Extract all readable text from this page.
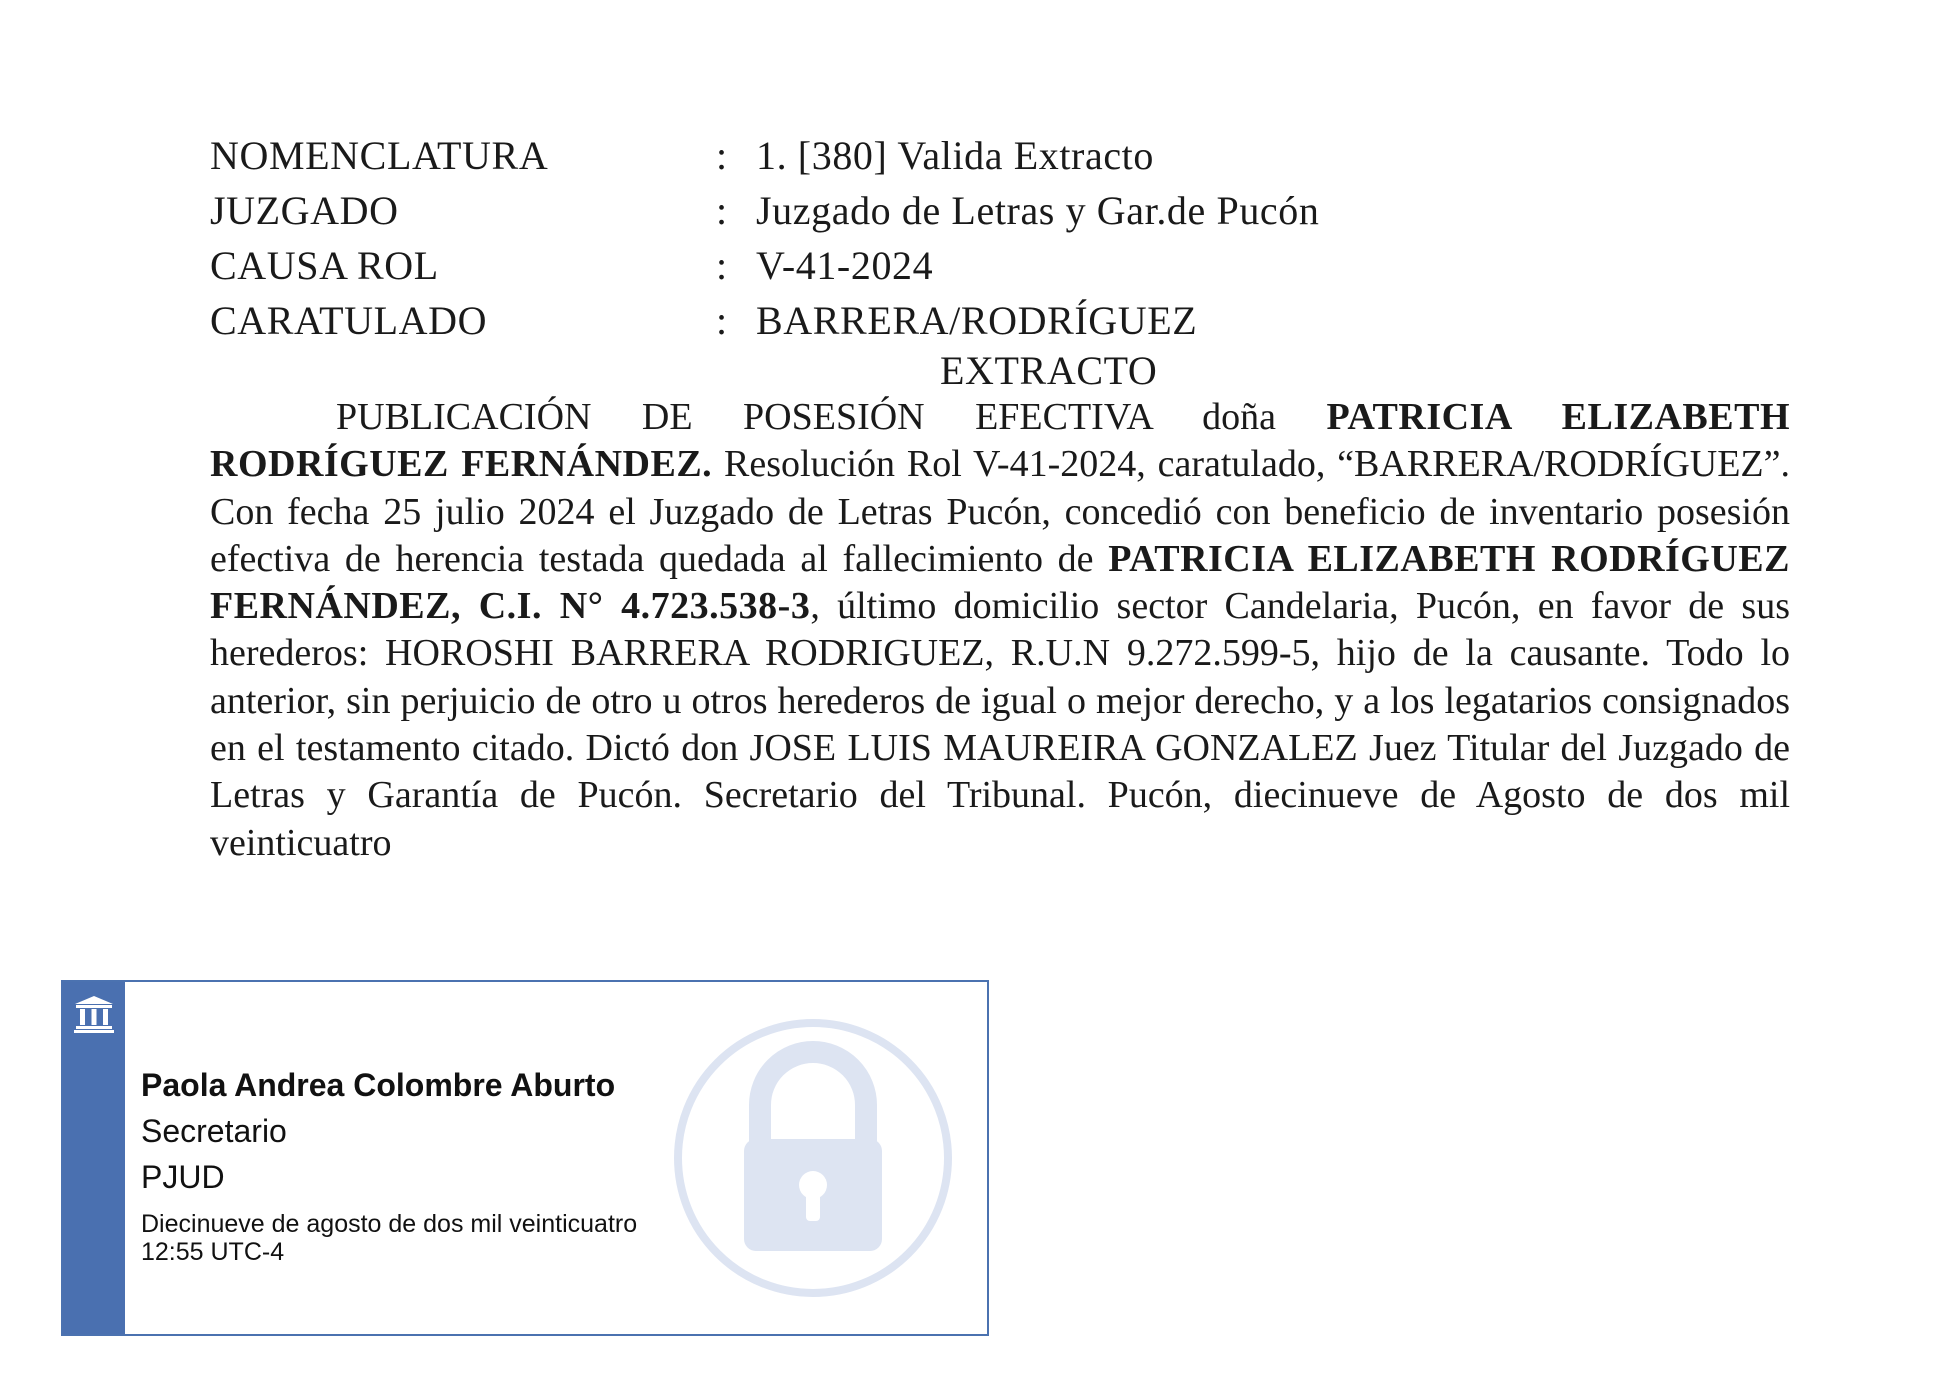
NOMENCLATURA	: 1. [380] Valida Extracto
JUZGADO	: Juzgado de Letras y Gar.de Pucón
CAUSA ROL	: V-41-2024
CARATULADO	: BARRERA/RODRÍGUEZ
EXTRACTO

PUBLICACIÓN DE POSESIÓN EFECTIVA doña PATRICIA ELIZABETH RODRÍGUEZ FERNÁNDEZ. Resolución Rol V-41-2024, caratulado, “BARRERA/RODRÍGUEZ”. Con fecha 25 julio 2024 el Juzgado de Letras Pucón, concedió con beneficio de inventario posesión efectiva de herencia testada quedada al fallecimiento de PATRICIA ELIZABETH RODRÍGUEZ FERNÁNDEZ, C.I. N° 4.723.538-3, último domicilio sector Candelaria, Pucón, en favor de sus herederos: HOROSHI BARRERA RODRIGUEZ, R.U.N 9.272.599-5, hijo de la causante. Todo lo anterior, sin perjuicio de otro u otros herederos de igual o mejor derecho, y a los legatarios consignados en el testamento citado. Dictó don JOSE LUIS MAUREIRA GONZALEZ Juez Titular del Juzgado de Letras y Garantía de Pucón. Secretario del Tribunal. Pucón, diecinueve de Agosto de dos mil veinticuatro

Paola Andrea Colombre Aburto
Secretario
PJUD
Diecinueve de agosto de dos mil veinticuatro
12:55 UTC-4
